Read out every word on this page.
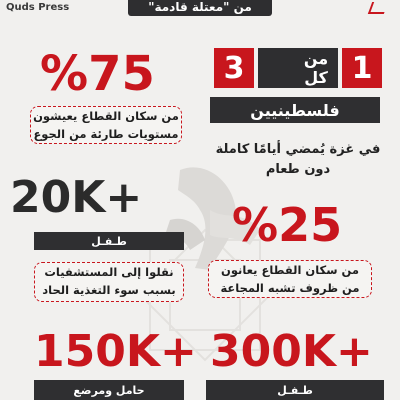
Quds Press	من "معتلة قادمة"
1
من كل
3
فلسطينيين
في غزة يُمضي أيامًا كاملة
دون طعام
%75
من سكان القطاع يعيشون
مستويات طارئة من الجوع
20K+
طـفـل
نقلوا إلى المستشفيات
بسبب سوء التغذية الحاد
%25
من سكان القطاع يعانون
من ظروف تشبه المجاعة
300K+
طـفـل
150K+
حامل ومرضع
